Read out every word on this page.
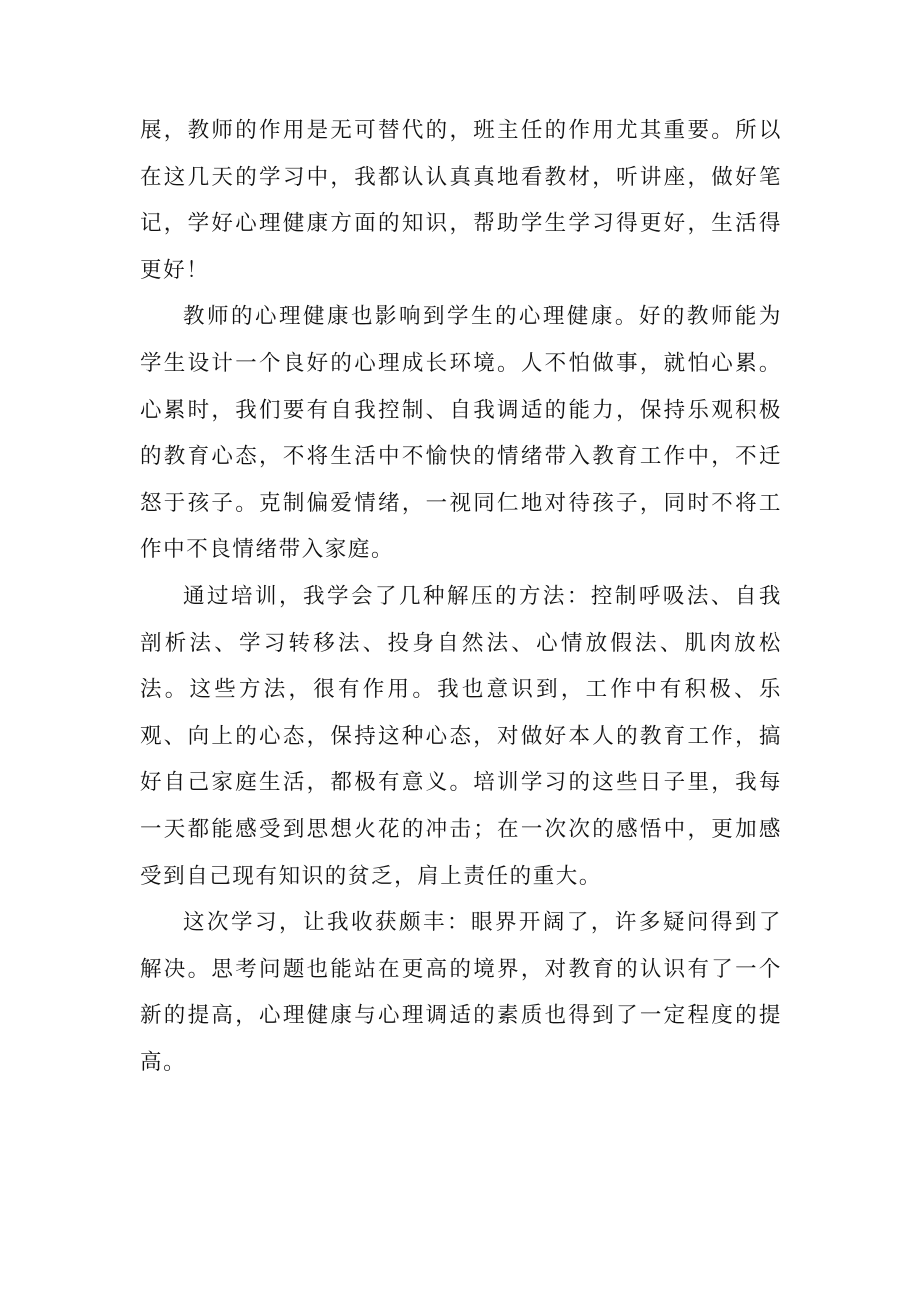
展，教师的作用是无可替代的，班主任的作用尤其重要。所以在这几天的学习中，我都认认真真地看教材，听讲座，做好笔记，学好心理健康方面的知识，帮助学生学习得更好，生活得更好！

教师的心理健康也影响到学生的心理健康。好的教师能为学生设计一个良好的心理成长环境。人不怕做事，就怕心累。心累时，我们要有自我控制、自我调适的能力，保持乐观积极的教育心态，不将生活中不愉快的情绪带入教育工作中，不迁怒于孩子。克制偏爱情绪，一视同仁地对待孩子，同时不将工作中不良情绪带入家庭。

通过培训，我学会了几种解压的方法：控制呼吸法、自我剖析法、学习转移法、投身自然法、心情放假法、肌肉放松法。这些方法，很有作用。我也意识到，工作中有积极、乐观、向上的心态，保持这种心态，对做好本人的教育工作，搞好自己家庭生活，都极有意义。培训学习的这些日子里，我每一天都能感受到思想火花的冲击；在一次次的感悟中，更加感受到自己现有知识的贫乏，肩上责任的重大。

这次学习，让我收获颇丰：眼界开阔了，许多疑问得到了解决。思考问题也能站在更高的境界，对教育的认识有了一个新的提高，心理健康与心理调适的素质也得到了一定程度的提高。
